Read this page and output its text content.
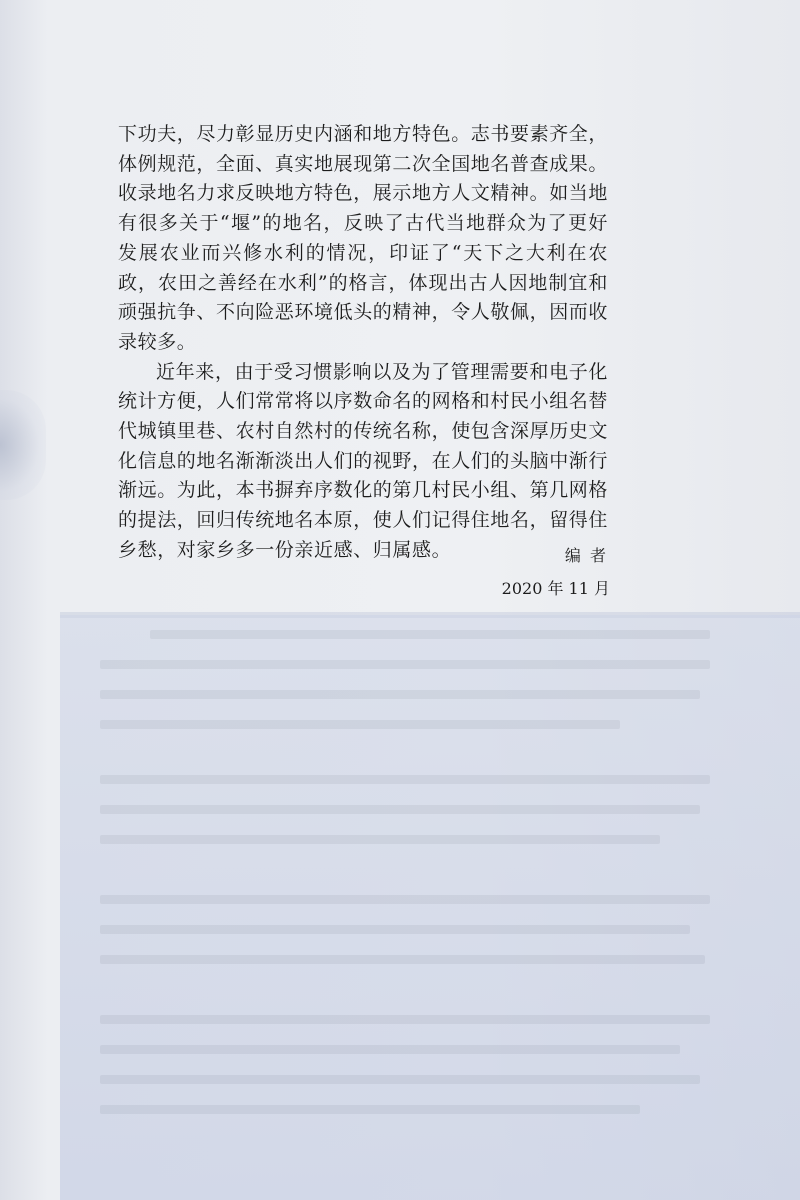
下功夫，尽力彰显历史内涵和地方特色。志书要素齐全，体例规范，全面、真实地展现第二次全国地名普查成果。收录地名力求反映地方特色，展示地方人文精神。如当地有很多关于“堰”的地名，反映了古代当地群众为了更好发展农业而兴修水利的情况，印证了“天下之大利在农政，农田之善经在水利”的格言，体现出古人因地制宜和顽强抗争、不向险恶环境低头的精神，令人敬佩，因而收录较多。

近年来，由于受习惯影响以及为了管理需要和电子化统计方便，人们常常将以序数命名的网格和村民小组名替代城镇里巷、农村自然村的传统名称，使包含深厚历史文化信息的地名渐渐淡出人们的视野，在人们的头脑中渐行渐远。为此，本书摒弃序数化的第几村民小组、第几网格的提法，回归传统地名本原，使人们记得住地名，留得住乡愁，对家乡多一份亲近感、归属感。	编 者
2020 年 11 月
